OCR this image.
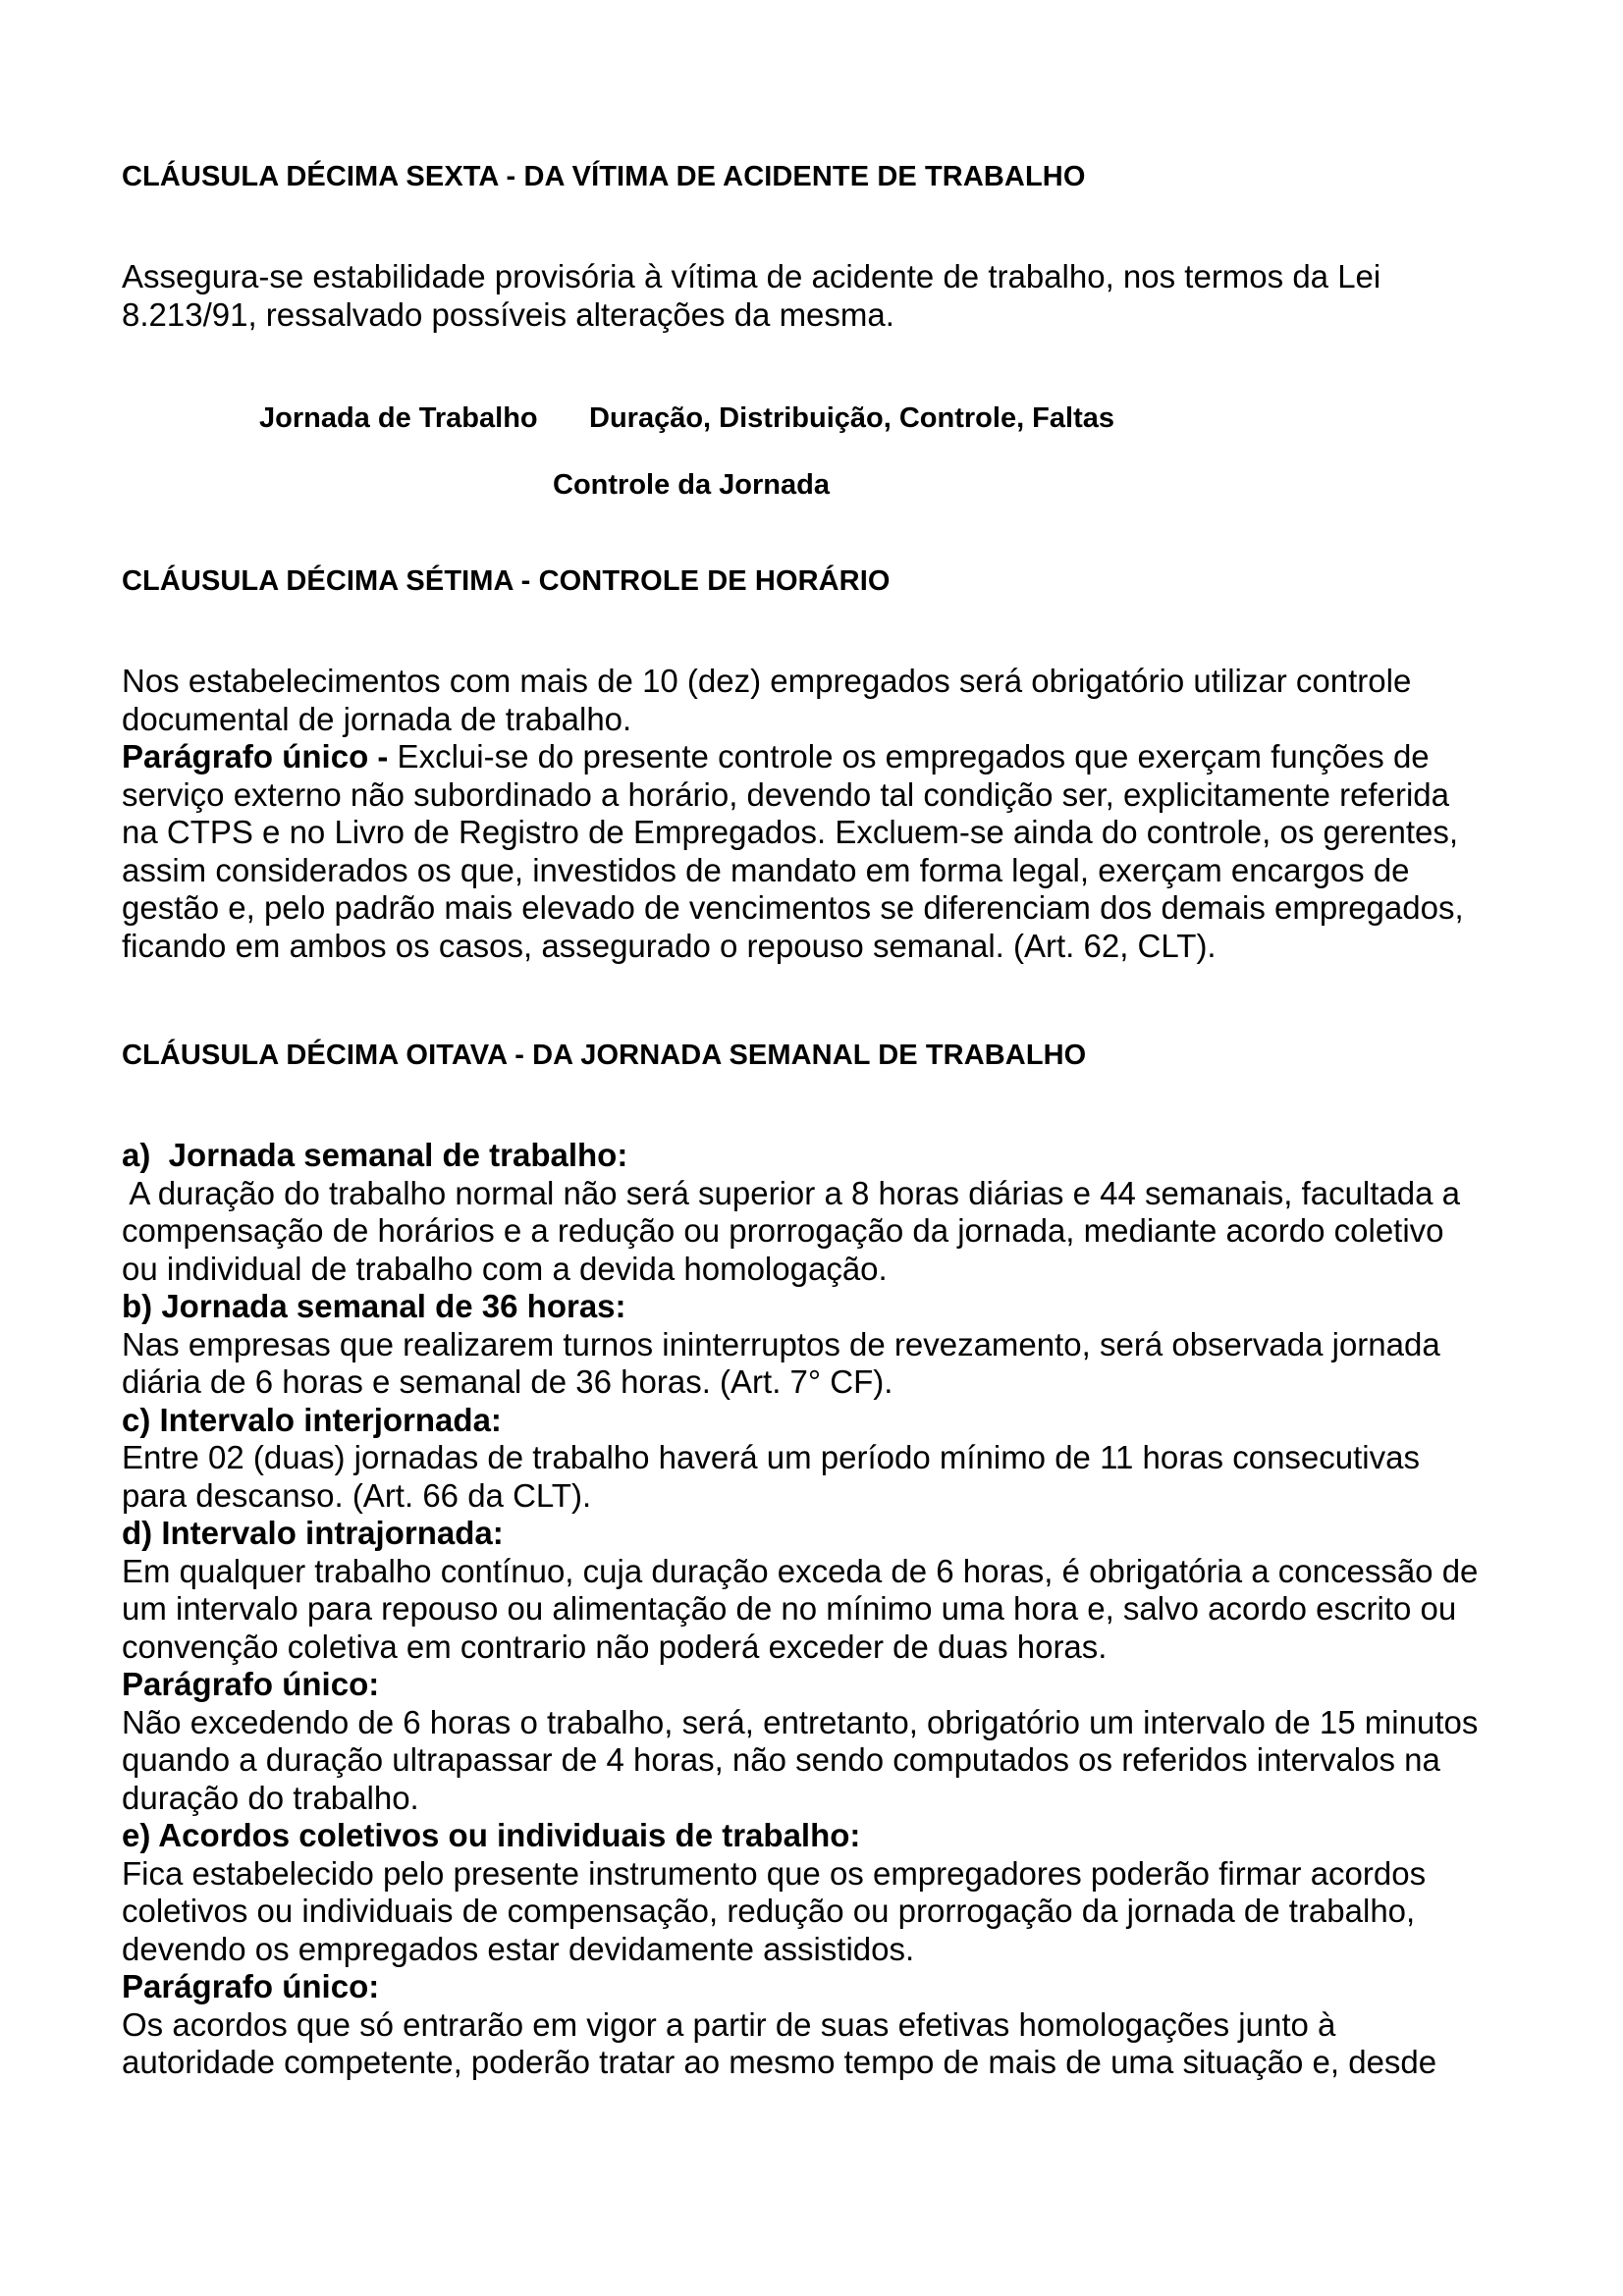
CLÁUSULA DÉCIMA SEXTA - DA VÍTIMA DE ACIDENTE DE TRABALHO

Assegura-se estabilidade provisória à vítima de acidente de trabalho, nos termos da Lei

8.213/91, ressalvado possíveis alterações da mesma.

Jornada de Trabalho Duração, Distribuição, Controle, Faltas
Controle da Jornada
CLÁUSULA DÉCIMA SÉTIMA - CONTROLE DE HORÁRIO

Nos estabelecimentos com mais de 10 (dez) empregados será obrigatório utilizar controle

documental de jornada de trabalho.

Parágrafo único - Exclui-se do presente controle os empregados que exerçam funções de

serviço externo não subordinado a horário, devendo tal condição ser, explicitamente referida

na CTPS e no Livro de Registro de Empregados. Excluem-se ainda do controle, os gerentes,

assim considerados os que, investidos de mandato em forma legal, exerçam encargos de

gestão e, pelo padrão mais elevado de vencimentos se diferenciam dos demais empregados,

ficando em ambos os casos, assegurado o repouso semanal. (Art. 62, CLT).

CLÁUSULA DÉCIMA OITAVA - DA JORNADA SEMANAL DE TRABALHO

a)  Jornada semanal de trabalho:

A duração do trabalho normal não será superior a 8 horas diárias e 44 semanais, facultada a

compensação de horários e a redução ou prorrogação da jornada, mediante acordo coletivo

ou individual de trabalho com a devida homologação.

b) Jornada semanal de 36 horas:

Nas empresas que realizarem turnos ininterruptos de revezamento, será observada jornada

diária de 6 horas e semanal de 36 horas. (Art. 7° CF).

c) Intervalo interjornada:

Entre 02 (duas) jornadas de trabalho haverá um período mínimo de 11 horas consecutivas

para descanso. (Art. 66 da CLT).

d) Intervalo intrajornada:

Em qualquer trabalho contínuo, cuja duração exceda de 6 horas, é obrigatória a concessão de

um intervalo para repouso ou alimentação de no mínimo uma hora e, salvo acordo escrito ou

convenção coletiva em contrario não poderá exceder de duas horas.

Parágrafo único:

Não excedendo de 6 horas o trabalho, será, entretanto, obrigatório um intervalo de 15 minutos

quando a duração ultrapassar de 4 horas, não sendo computados os referidos intervalos na

duração do trabalho.

e) Acordos coletivos ou individuais de trabalho:

Fica estabelecido pelo presente instrumento que os empregadores poderão firmar acordos

coletivos ou individuais de compensação, redução ou prorrogação da jornada de trabalho,

devendo os empregados estar devidamente assistidos.

Parágrafo único:

Os acordos que só entrarão em vigor a partir de suas efetivas homologações junto à

autoridade competente, poderão tratar ao mesmo tempo de mais de uma situação e, desde
